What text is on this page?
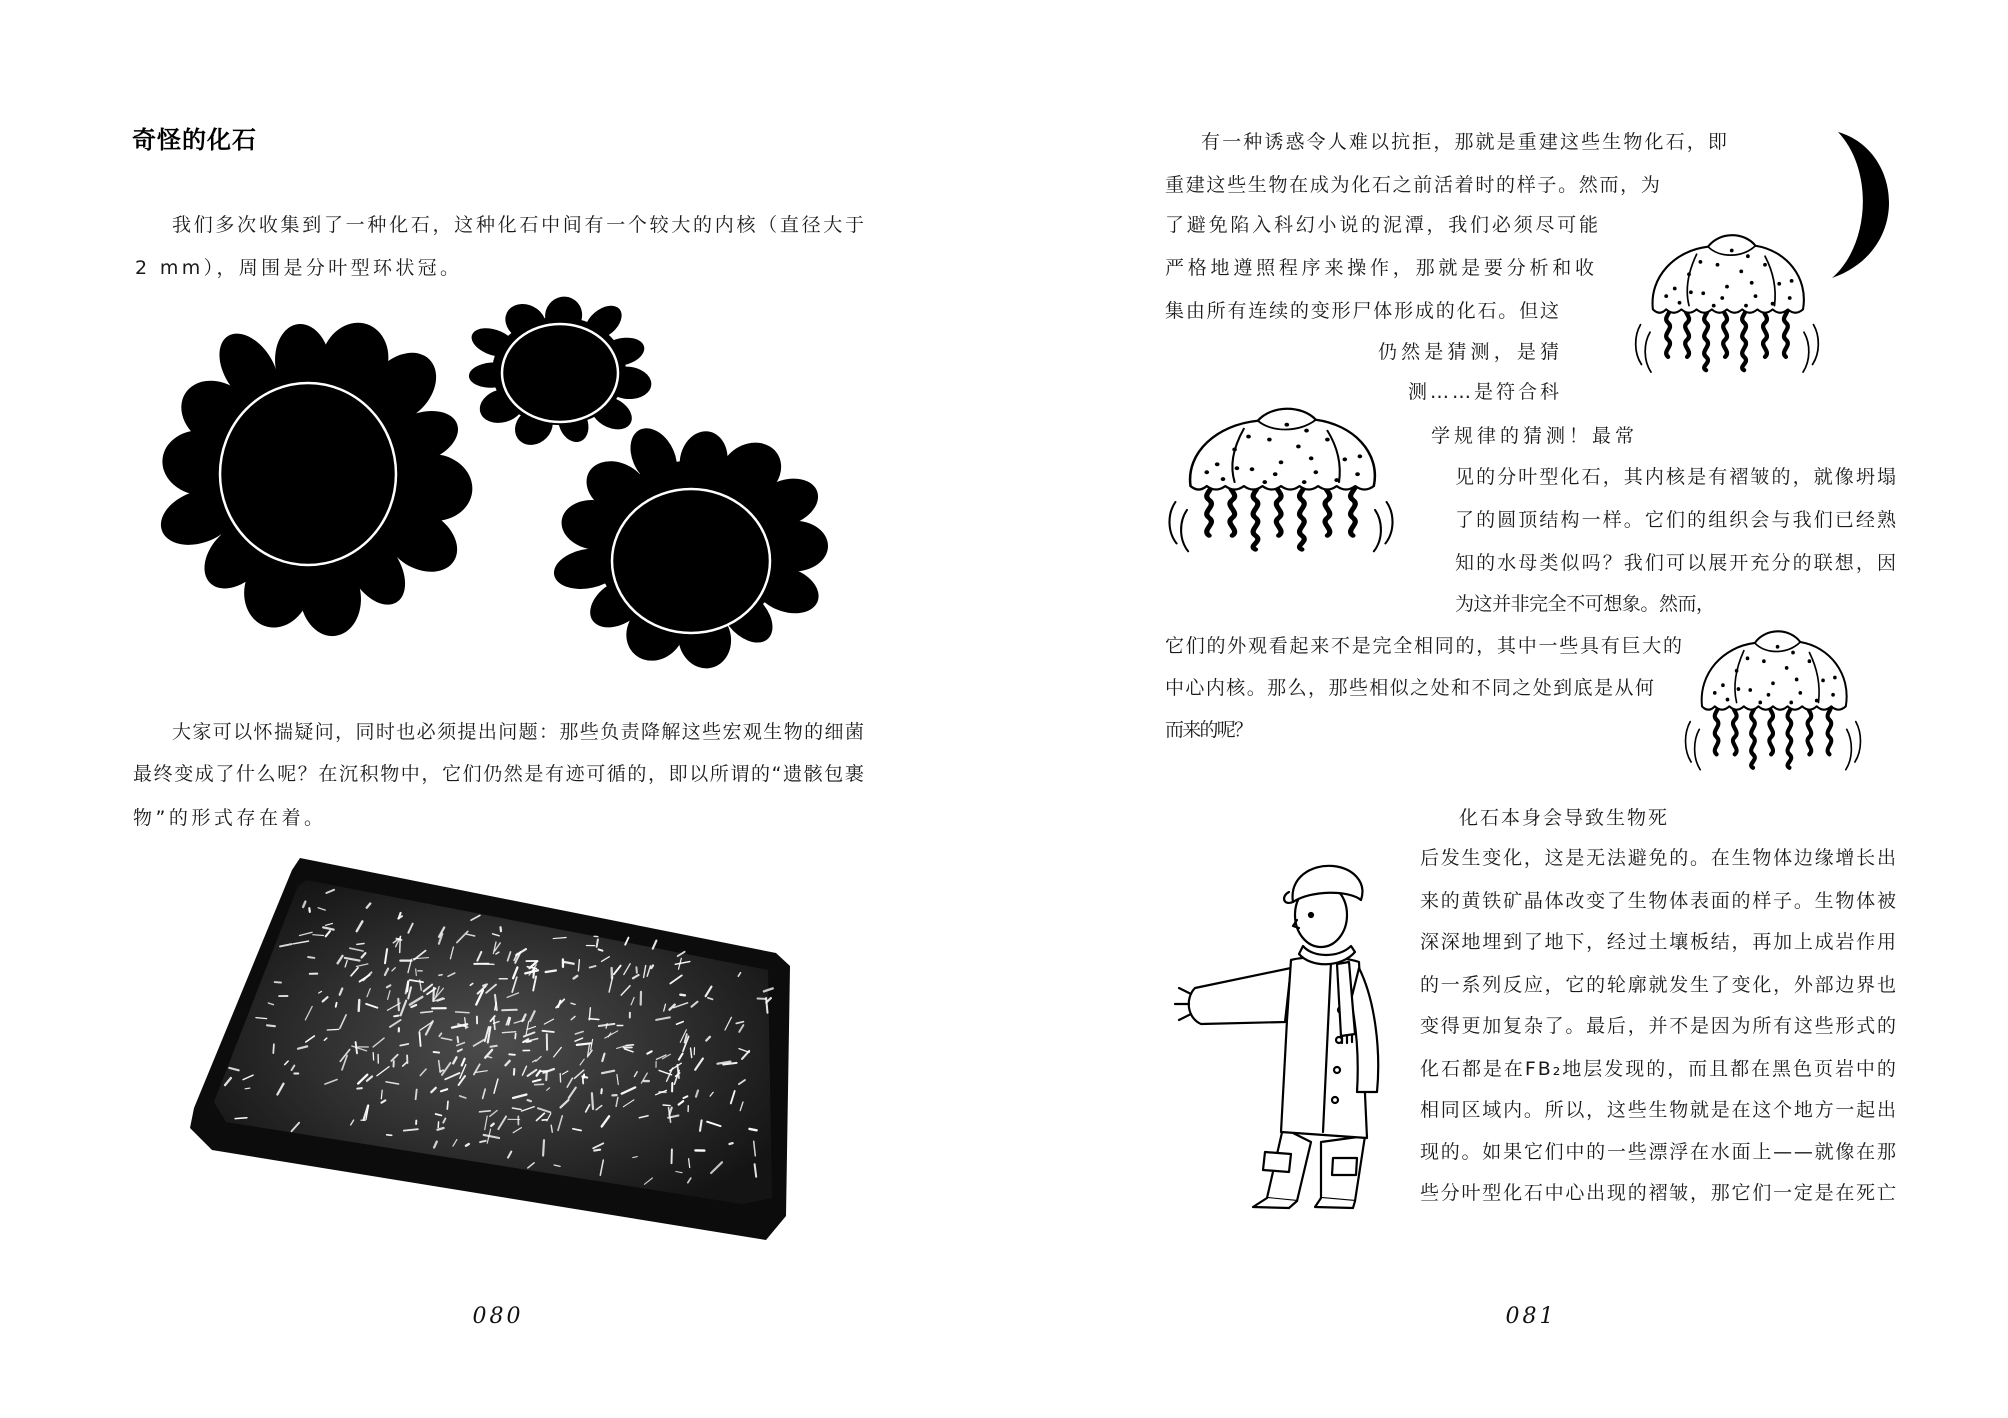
奇怪的化石
我们多次收集到了一种化石，这种化石中间有一个较大的内核（直径大于
2 mm），周围是分叶型环状冠。
大家可以怀揣疑问，同时也必须提出问题：那些负责降解这些宏观生物的细菌
最终变成了什么呢？在沉积物中，它们仍然是有迹可循的，即以所谓的“遗骸包裹
物”的形式存在着。
080
有一种诱惑令人难以抗拒，那就是重建这些生物化石，即
重建这些生物在成为化石之前活着时的样子。然而，为
了避免陷入科幻小说的泥潭，我们必须尽可能
严格地遵照程序来操作，那就是要分析和收
集由所有连续的变形尸体形成的化石。但这
仍然是猜测，是猜
测……是符合科
学规律的猜测！最常
见的分叶型化石，其内核是有褶皱的，就像坍塌
了的圆顶结构一样。它们的组织会与我们已经熟
知的水母类似吗？我们可以展开充分的联想，因
为这并非完全不可想象。然而，
它们的外观看起来不是完全相同的，其中一些具有巨大的
中心内核。那么，那些相似之处和不同之处到底是从何
而来的呢？
化石本身会导致生物死
后发生变化，这是无法避免的。在生物体边缘增长出
来的黄铁矿晶体改变了生物体表面的样子。生物体被
深深地埋到了地下，经过土壤板结，再加上成岩作用
的一系列反应，它的轮廓就发生了变化，外部边界也
变得更加复杂了。最后，并不是因为所有这些形式的
化石都是在FB₂地层发现的，而且都在黑色页岩中的
相同区域内。所以，这些生物就是在这个地方一起出
现的。如果它们中的一些漂浮在水面上——就像在那
些分叶型化石中心出现的褶皱，那它们一定是在死亡
081
